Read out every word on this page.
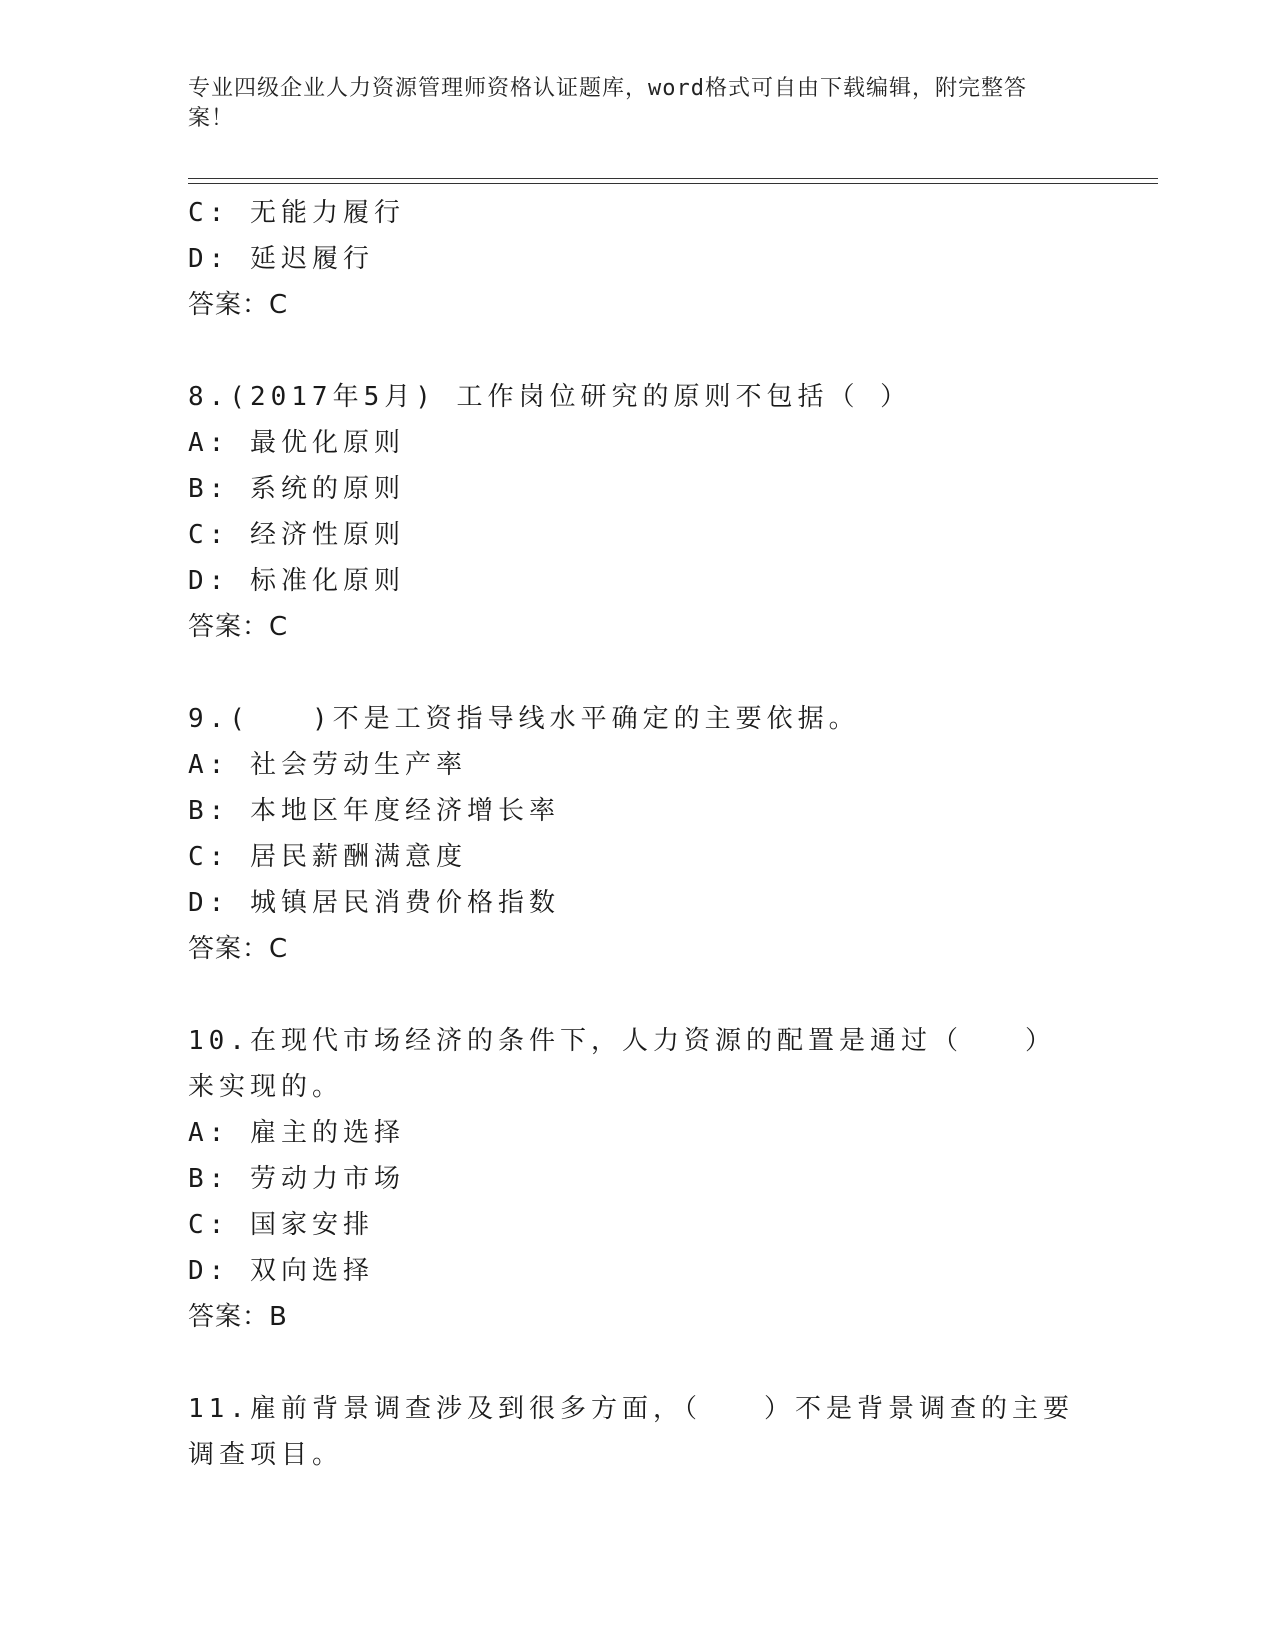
专业四级企业人力资源管理师资格认证题库，word格式可自由下载编辑，附完整答案！
C: 无能力履行
D: 延迟履行
答案：C
8.(2017年5月) 工作岗位研究的原则不包括（ ）
A: 最优化原则
B: 系统的原则
C: 经济性原则
D: 标准化原则
答案：C
9.(　　)不是工资指导线水平确定的主要依据。
A: 社会劳动生产率
B: 本地区年度经济增长率
C: 居民薪酬满意度
D: 城镇居民消费价格指数
答案：C
10.在现代市场经济的条件下，人力资源的配置是通过（　　）来实现的。
A: 雇主的选择
B: 劳动力市场
C: 国家安排
D: 双向选择
答案：B
11.雇前背景调查涉及到很多方面，（　　）不是背景调查的主要调查项目。
